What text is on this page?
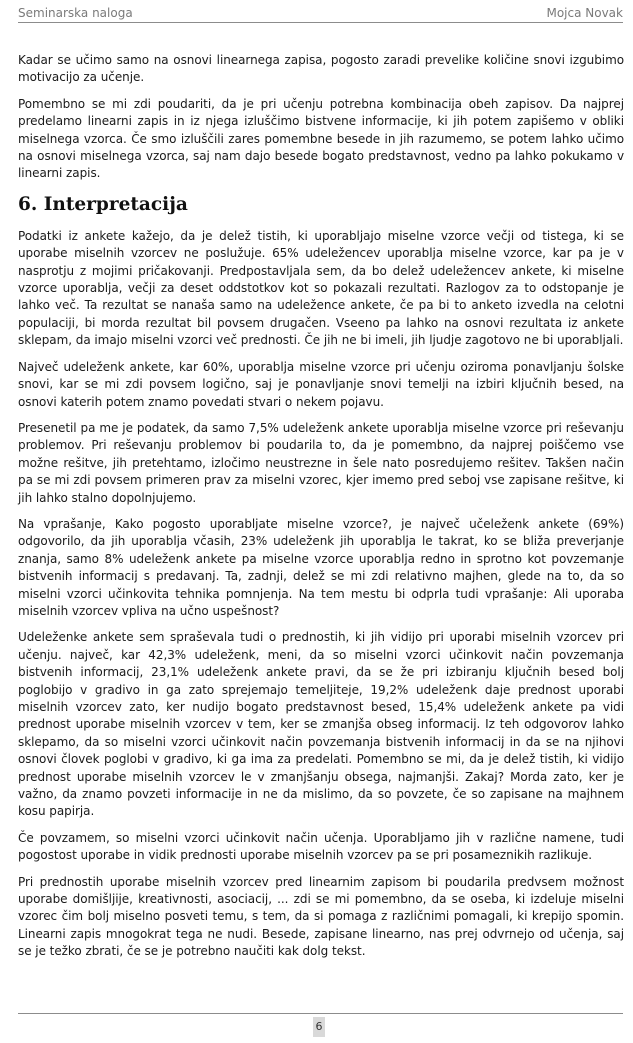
Seminarska naloga	Mojca Novak

Kadar se učimo samo na osnovi linearnega zapisa, pogosto zaradi prevelike količine snovi izgubimo motivacijo za učenje.

Pomembno se mi zdi poudariti, da je pri učenju potrebna kombinacija obeh zapisov. Da najprej predelamo linearni zapis in iz njega izluščimo bistvene informacije, ki jih potem zapišemo v obliki miselnega vzorca. Če smo izluščili zares pomembne besede in jih razumemo, se potem lahko učimo na osnovi miselnega vzorca, saj nam dajo besede bogato predstavnost, vedno pa lahko pokukamo v linearni zapis.

6. Interpretacija

Podatki iz ankete kažejo, da je delež tistih, ki uporabljajo miselne vzorce večji od tistega, ki se uporabe miselnih vzorcev ne poslužuje. 65% udeležencev uporablja miselne vzorce, kar pa je v nasprotju z mojimi pričakovanji. Predpostavljala sem, da bo delež udeležencev ankete, ki miselne vzorce uporablja, večji za deset oddstotkov kot so pokazali rezultati. Razlogov za to odstopanje je lahko več. Ta rezultat se nanaša samo na udeležence ankete, če pa bi to anketo izvedla na celotni populaciji, bi morda rezultat bil povsem drugačen. Vseeno pa lahko na osnovi rezultata iz ankete sklepam, da imajo miselni vzorci več prednosti. Če jih ne bi imeli, jih ljudje zagotovo ne bi uporabljali.

Največ udeleženk ankete, kar 60%, uporablja miselne vzorce pri učenju oziroma ponavljanju šolske snovi, kar se mi zdi povsem logično, saj je ponavljanje snovi temelji na izbiri ključnih besed, na osnovi katerih potem znamo povedati stvari o nekem pojavu.

Presenetil pa me je podatek, da samo 7,5% udeleženk ankete uporablja miselne vzorce pri reševanju problemov. Pri reševanju problemov bi poudarila to, da je pomembno, da najprej poiščemo vse možne rešitve, jih pretehtamo, izločimo neustrezne in šele nato posredujemo rešitev. Takšen način pa se mi zdi povsem primeren prav za miselni vzorec, kjer imemo pred seboj vse zapisane rešitve, ki jih lahko stalno dopolnjujemo.

Na vprašanje, Kako pogosto uporabljate miselne vzorce?, je največ učeleženk ankete (69%) odgovorilo, da jih uporablja včasih, 23% udeleženk jih uporablja le takrat, ko se bliža preverjanje znanja, samo 8% udeleženk ankete pa miselne vzorce uporablja redno in sprotno kot povzemanje bistvenih informacij s predavanj. Ta, zadnji, delež se mi zdi relativno majhen, glede na to, da so miselni vzorci učinkovita tehnika pomnjenja. Na tem mestu bi odprla tudi vprašanje: Ali uporaba miselnih vzorcev vpliva na učno uspešnost?

Udeleženke ankete sem spraševala tudi o prednostih, ki jih vidijo pri uporabi miselnih vzorcev pri učenju. največ, kar 42,3% udeleženk, meni, da so miselni vzorci učinkovit način povzemanja bistvenih informacij, 23,1% udeleženk ankete pravi, da se že pri izbiranju ključnih besed bolj poglobijo v gradivo in ga zato sprejemajo temeljiteje, 19,2% udeleženk daje prednost uporabi miselnih vzorcev zato, ker nudijo bogato predstavnost besed, 15,4% udeleženk ankete pa vidi prednost uporabe miselnih vzorcev v tem, ker se zmanjša obseg informacij. Iz teh odgovorov lahko sklepamo, da so miselni vzorci učinkovit način povzemanja bistvenih informacij in da se na njihovi osnovi človek poglobi v gradivo, ki ga ima za predelati. Pomembno se mi, da je delež tistih, ki vidijo prednost uporabe miselnih vzorcev le v zmanjšanju obsega, najmanjši. Zakaj? Morda zato, ker je važno, da znamo povzeti informacije in ne da mislimo, da so povzete, če so zapisane na majhnem kosu papirja.

Če povzamem, so miselni vzorci učinkovit način učenja. Uporabljamo jih v različne namene, tudi pogostost uporabe in vidik prednosti uporabe miselnih vzorcev pa se pri posameznikih razlikuje.

Pri prednostih uporabe miselnih vzorcev pred linearnim zapisom bi poudarila predvsem možnost uporabe domišljije, kreativnosti, asociacij, ... zdi se mi pomembno, da se oseba, ki izdeluje miselni vzorec čim bolj miselno posveti temu, s tem, da si pomaga z različnimi pomagali, ki krepijo spomin. Linearni zapis mnogokrat tega ne nudi. Besede, zapisane linearno, nas prej odvrnejo od učenja, saj se je težko zbrati, če se je potrebno naučiti kak dolg tekst.

6
